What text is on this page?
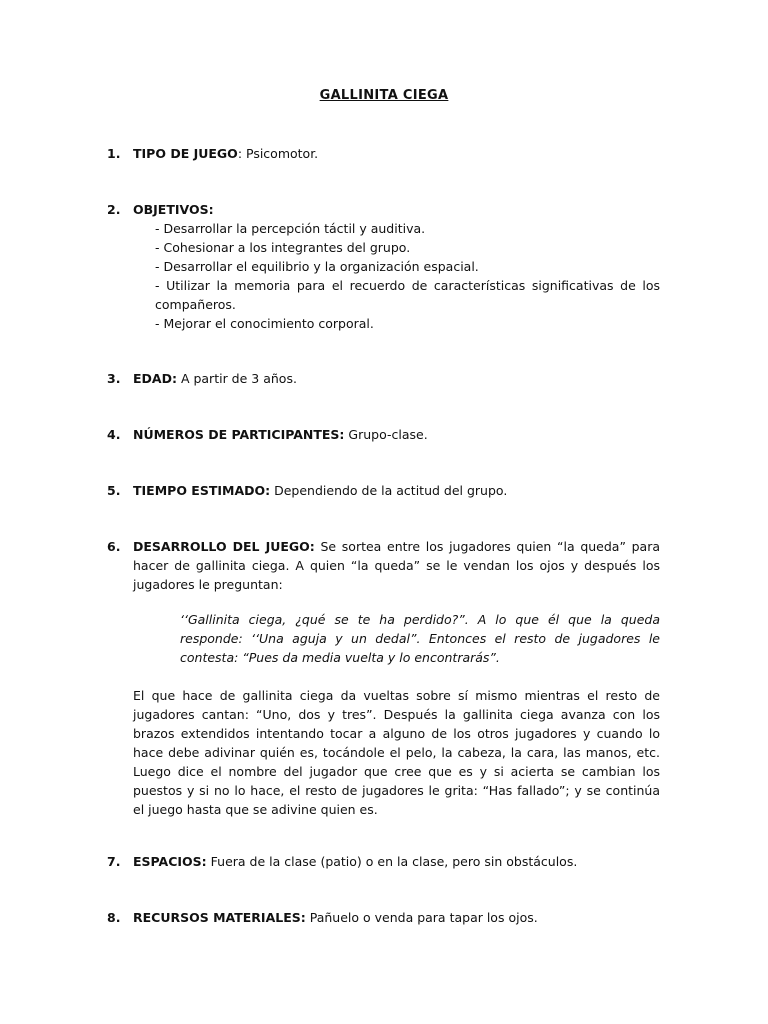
GALLINITA CIEGA
1.	TIPO DE JUEGO: Psicomotor.
2.	OBJETIVOS:
- Desarrollar la percepción táctil y auditiva.
- Cohesionar a los integrantes del grupo.
- Desarrollar el equilibrio y la organización espacial.
- Utilizar la memoria para el recuerdo de características significativas de los compañeros.
- Mejorar el conocimiento corporal.
3.	EDAD: A partir de 3 años.
4.	NÚMEROS DE PARTICIPANTES: Grupo-clase.
5.	TIEMPO ESTIMADO: Dependiendo de la actitud del grupo.
6.	DESARROLLO DEL JUEGO: Se sortea entre los jugadores quien “la queda” para hacer de gallinita ciega. A quien “la queda” se le vendan los ojos y después los jugadores le preguntan:
‘‘Gallinita ciega, ¿qué se te ha perdido?”. A lo que él que la queda responde: ‘‘Una aguja y un dedal”. Entonces el resto de jugadores le contesta: “Pues da media vuelta y lo encontrarás”.
El que hace de gallinita ciega da vueltas sobre sí mismo mientras el resto de jugadores cantan: “Uno, dos y tres”. Después la gallinita ciega avanza con los brazos extendidos intentando tocar a alguno de los otros jugadores y cuando lo hace debe adivinar quién es, tocándole el pelo, la cabeza, la cara, las manos, etc. Luego dice el nombre del jugador que cree que es y si acierta se cambian los puestos y si no lo hace, el resto de jugadores le grita: “Has fallado”; y se continúa el juego hasta que se adivine quien es.
7.	ESPACIOS: Fuera de la clase (patio) o en la clase, pero sin obstáculos.
8.	RECURSOS MATERIALES: Pañuelo o venda para tapar los ojos.
